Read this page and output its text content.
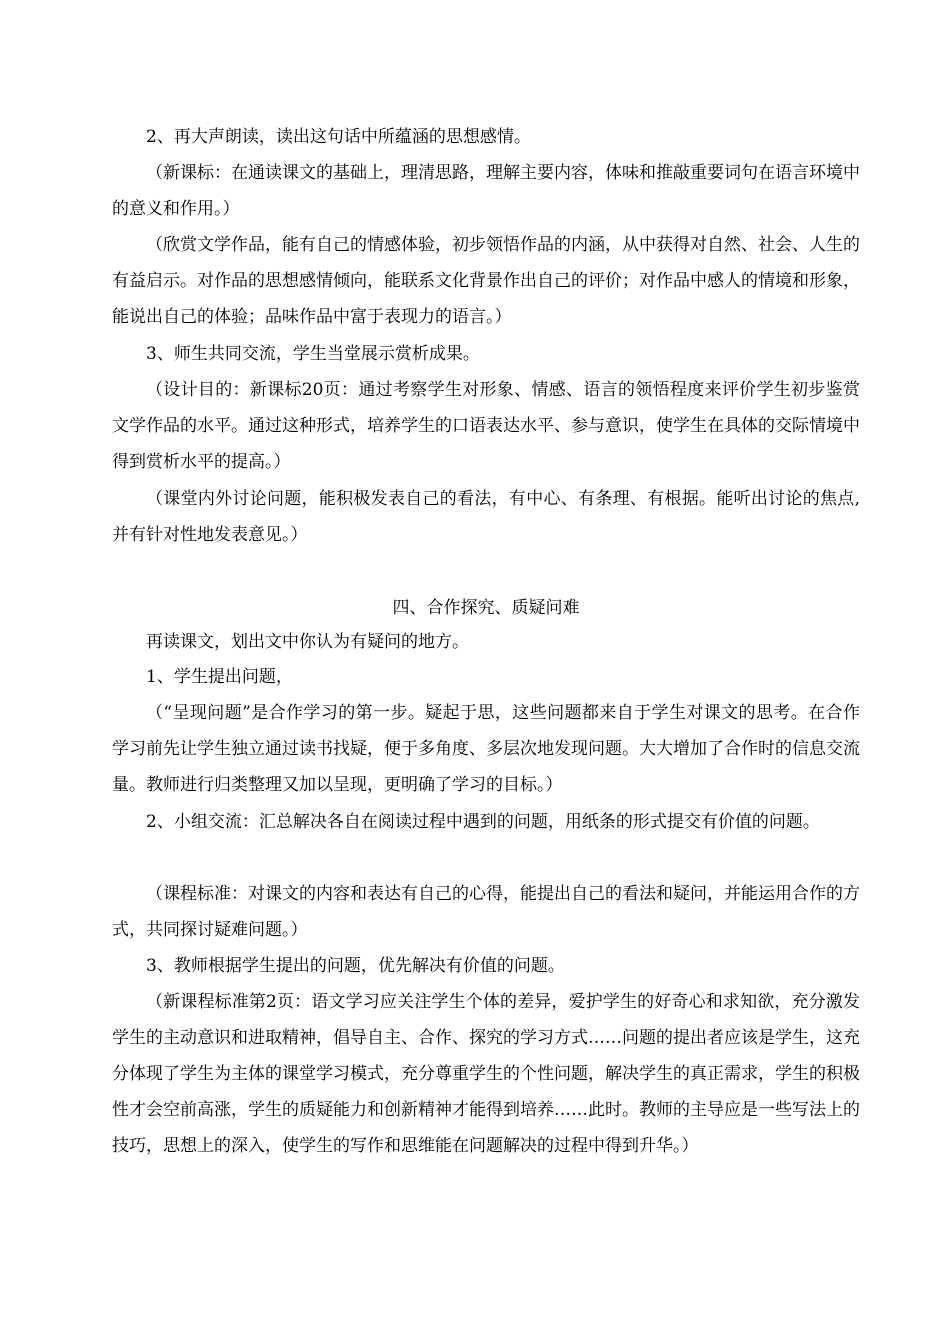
2、再大声朗读，读出这句话中所蕴涵的思想感情。

（新课标：在通读课文的基础上，理清思路，理解主要内容，体味和推敲重要词句在语言环境中的意义和作用。）

（欣赏文学作品，能有自己的情感体验，初步领悟作品的内涵，从中获得对自然、社会、人生的有益启示。对作品的思想感情倾向，能联系文化背景作出自己的评价；对作品中感人的情境和形象，能说出自己的体验；品味作品中富于表现力的语言。）

3、师生共同交流，学生当堂展示赏析成果。

（设计目的：新课标20页：通过考察学生对形象、情感、语言的领悟程度来评价学生初步鉴赏文学作品的水平。通过这种形式，培养学生的口语表达水平、参与意识，使学生在具体的交际情境中得到赏析水平的提高。）

（课堂内外讨论问题，能积极发表自己的看法，有中心、有条理、有根据。能听出讨论的焦点,并有针对性地发表意见。）

四、合作探究、质疑问难

再读课文，划出文中你认为有疑问的地方。

1、学生提出问题，

（“呈现问题”是合作学习的第一步。疑起于思，这些问题都来自于学生对课文的思考。在合作学习前先让学生独立通过读书找疑，便于多角度、多层次地发现问题。大大增加了合作时的信息交流量。教师进行归类整理又加以呈现，更明确了学习的目标。）

2、小组交流：汇总解决各自在阅读过程中遇到的问题，用纸条的形式提交有价值的问题。

（课程标准：对课文的内容和表达有自己的心得，能提出自己的看法和疑问，并能运用合作的方式，共同探讨疑难问题。）

3、教师根据学生提出的问题，优先解决有价值的问题。

（新课程标准第2页：语文学习应关注学生个体的差异，爱护学生的好奇心和求知欲，充分激发学生的主动意识和进取精神，倡导自主、合作、探究的学习方式……问题的提出者应该是学生，这充分体现了学生为主体的课堂学习模式，充分尊重学生的个性问题，解决学生的真正需求，学生的积极性才会空前高涨，学生的质疑能力和创新精神才能得到培养……此时。教师的主导应是一些写法上的技巧，思想上的深入，使学生的写作和思维能在问题解决的过程中得到升华。）
